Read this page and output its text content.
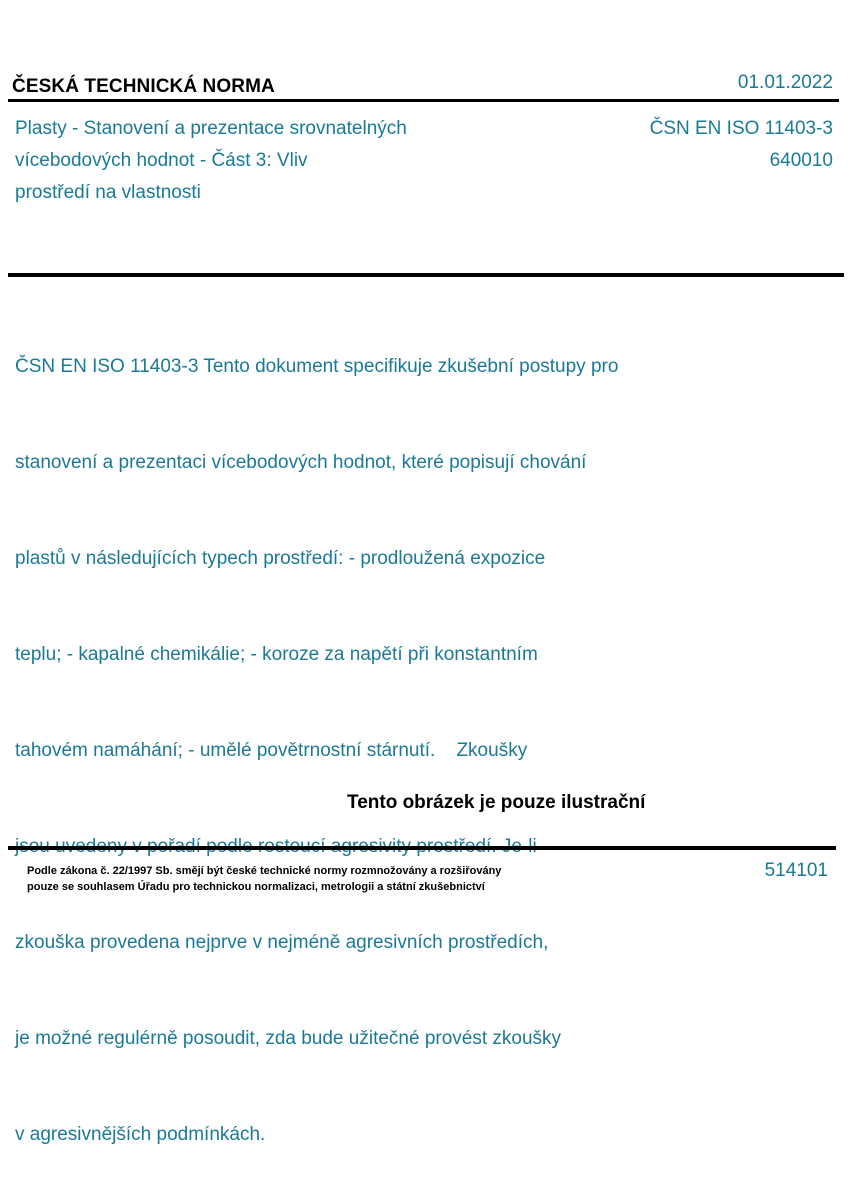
ČESKÁ TECHNICKÁ NORMA	01.01.2022
Plasty - Stanovení a prezentace srovnatelných
vícebodových hodnot - Část 3: Vliv
prostředí na vlastnosti
ČSN EN ISO 11403-3
640010

ČSN EN ISO 11403-3 Tento dokument specifikuje zkušební postupy pro

stanovení a prezentaci vícebodových hodnot, které popisují chování

plastů v následujících typech prostředí: - prodloužená expozice

teplu; - kapalné chemikálie; - koroze za napětí při konstantním

tahovém namáhání; - umělé povětrnostní stárnutí.    Zkoušky

zkouška provedena nejprve v nejméně agresivních prostředích,

je možné regulérně posoudit, zda bude užitečné provést zkoušky

v agresivnějších podmínkách.

Tento obrázek je pouze ilustrační
Podle zákona č. 22/1997 Sb. smějí být české technické normy rozmnožovány a rozšiřovány
pouze se souhlasem Úřadu pro technickou normalizaci, metrologii a státní zkušebnictví
514101
